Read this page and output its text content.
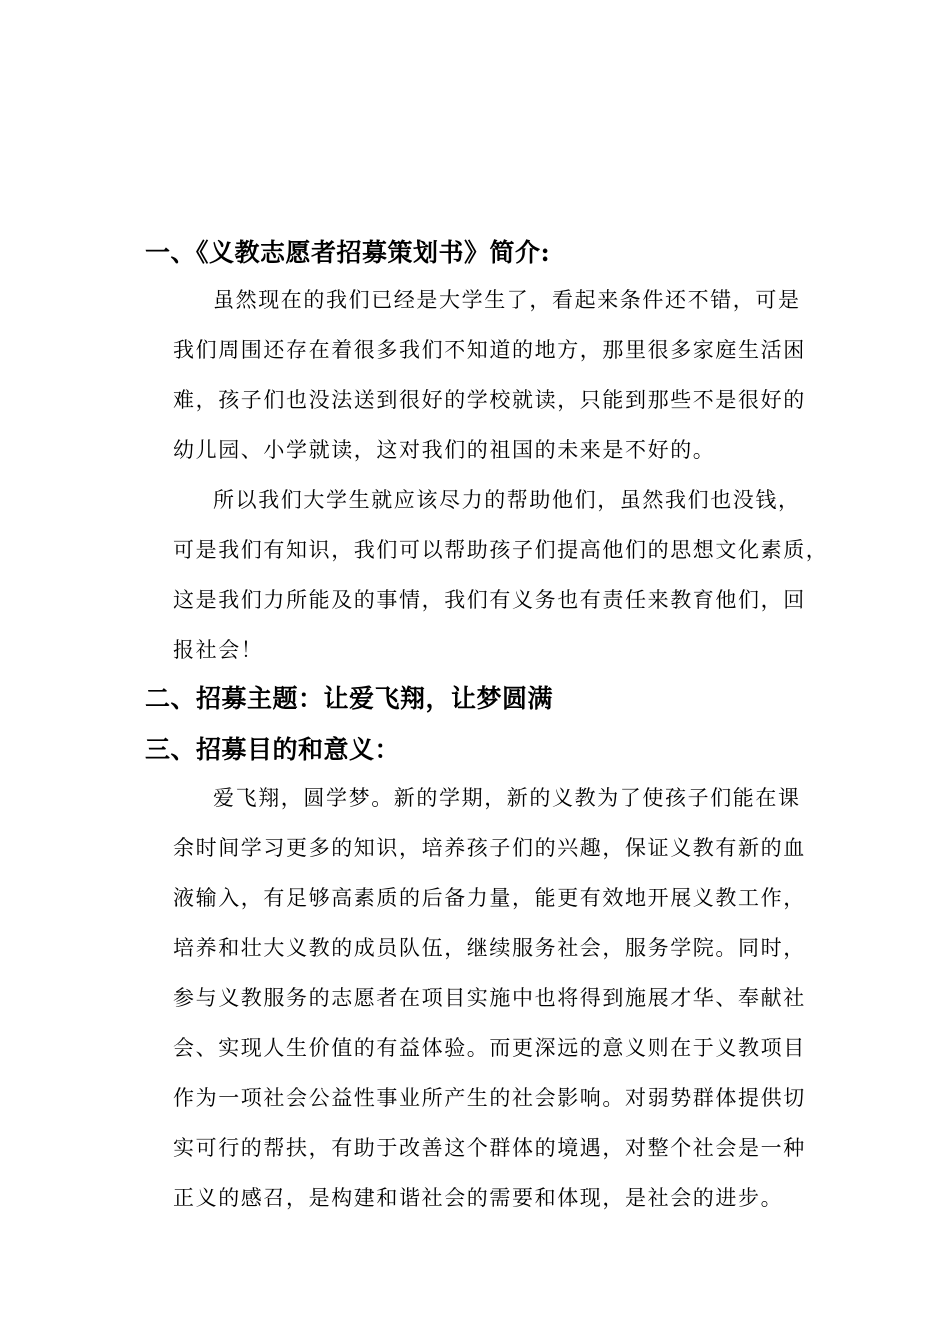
一、《义教志愿者招募策划书》简介:

虽然现在的我们已经是大学生了，看起来条件还不错，可是

我们周围还存在着很多我们不知道的地方，那里很多家庭生活困

难，孩子们也没法送到很好的学校就读，只能到那些不是很好的

幼儿园、小学就读，这对我们的祖国的未来是不好的。

所以我们大学生就应该尽力的帮助他们，虽然我们也没钱，

可是我们有知识，我们可以帮助孩子们提高他们的思想文化素质，

这是我们力所能及的事情，我们有义务也有责任来教育他们，回

报社会！

二、招募主题：让爱飞翔，让梦圆满
三、招募目的和意义：

爱飞翔，圆学梦。新的学期，新的义教为了使孩子们能在课

余时间学习更多的知识，培养孩子们的兴趣，保证义教有新的血

液输入，有足够高素质的后备力量，能更有效地开展义教工作，

培养和壮大义教的成员队伍，继续服务社会，服务学院。同时，

参与义教服务的志愿者在项目实施中也将得到施展才华、奉献社

会、实现人生价值的有益体验。而更深远的意义则在于义教项目

作为一项社会公益性事业所产生的社会影响。对弱势群体提供切

实可行的帮扶，有助于改善这个群体的境遇，对整个社会是一种

正义的感召，是构建和谐社会的需要和体现，是社会的进步。
